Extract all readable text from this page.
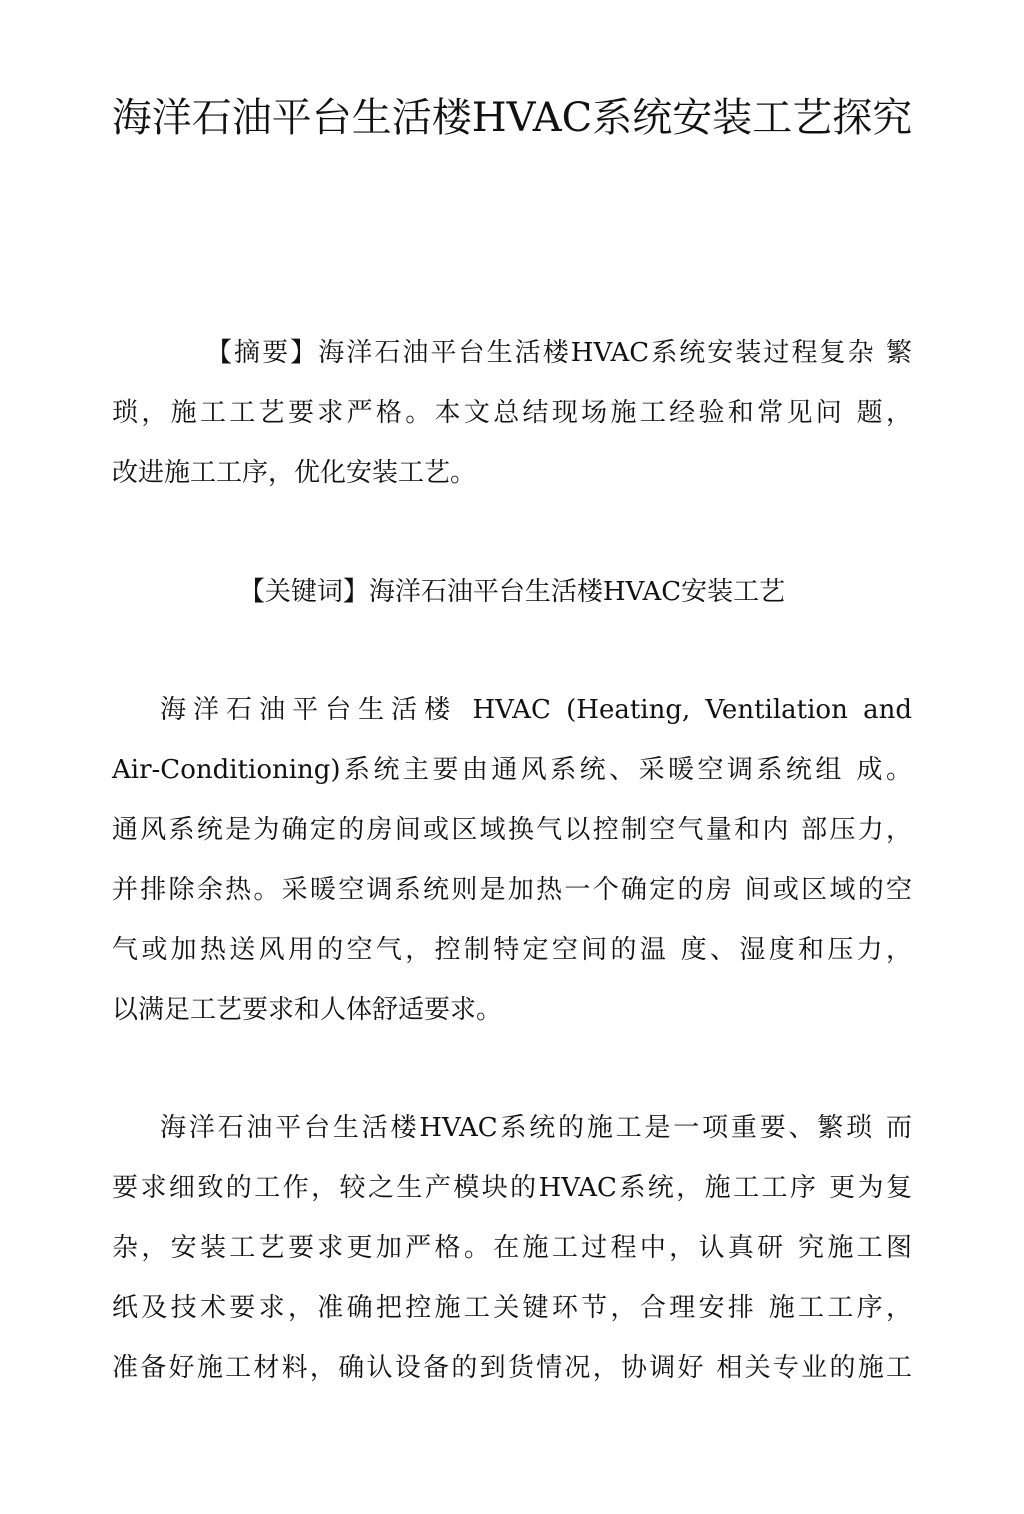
海洋石油平台生活楼HVAC系统安装工艺探究

【摘要】海洋石油平台生活楼HVAC系统安装过程复杂 繁

琐，施工工艺要求严格。本文总结现场施工经验和常见问 题，

改进施工工序，优化安装工艺。

【关键词】海洋石油平台生活楼HVAC安装工艺

海洋石油平台生活楼 HVAC (Heating, Ventilation and

Air-Conditioning)系统主要由通风系统、采暖空调系统组 成。

通风系统是为确定的房间或区域换气以控制空气量和内 部压力，

并排除余热。采暖空调系统则是加热一个确定的房 间或区域的空

气或加热送风用的空气，控制特定空间的温 度、湿度和压力，

以满足工艺要求和人体舒适要求。

海洋石油平台生活楼HVAC系统的施工是一项重要、繁琐 而

要求细致的工作，较之生产模块的HVAC系统，施工工序 更为复

杂，安装工艺要求更加严格。在施工过程中，认真研 究施工图

纸及技术要求，准确把控施工关键环节，合理安排 施工工序，

准备好施工材料，确认设备的到货情况，协调好 相关专业的施工
